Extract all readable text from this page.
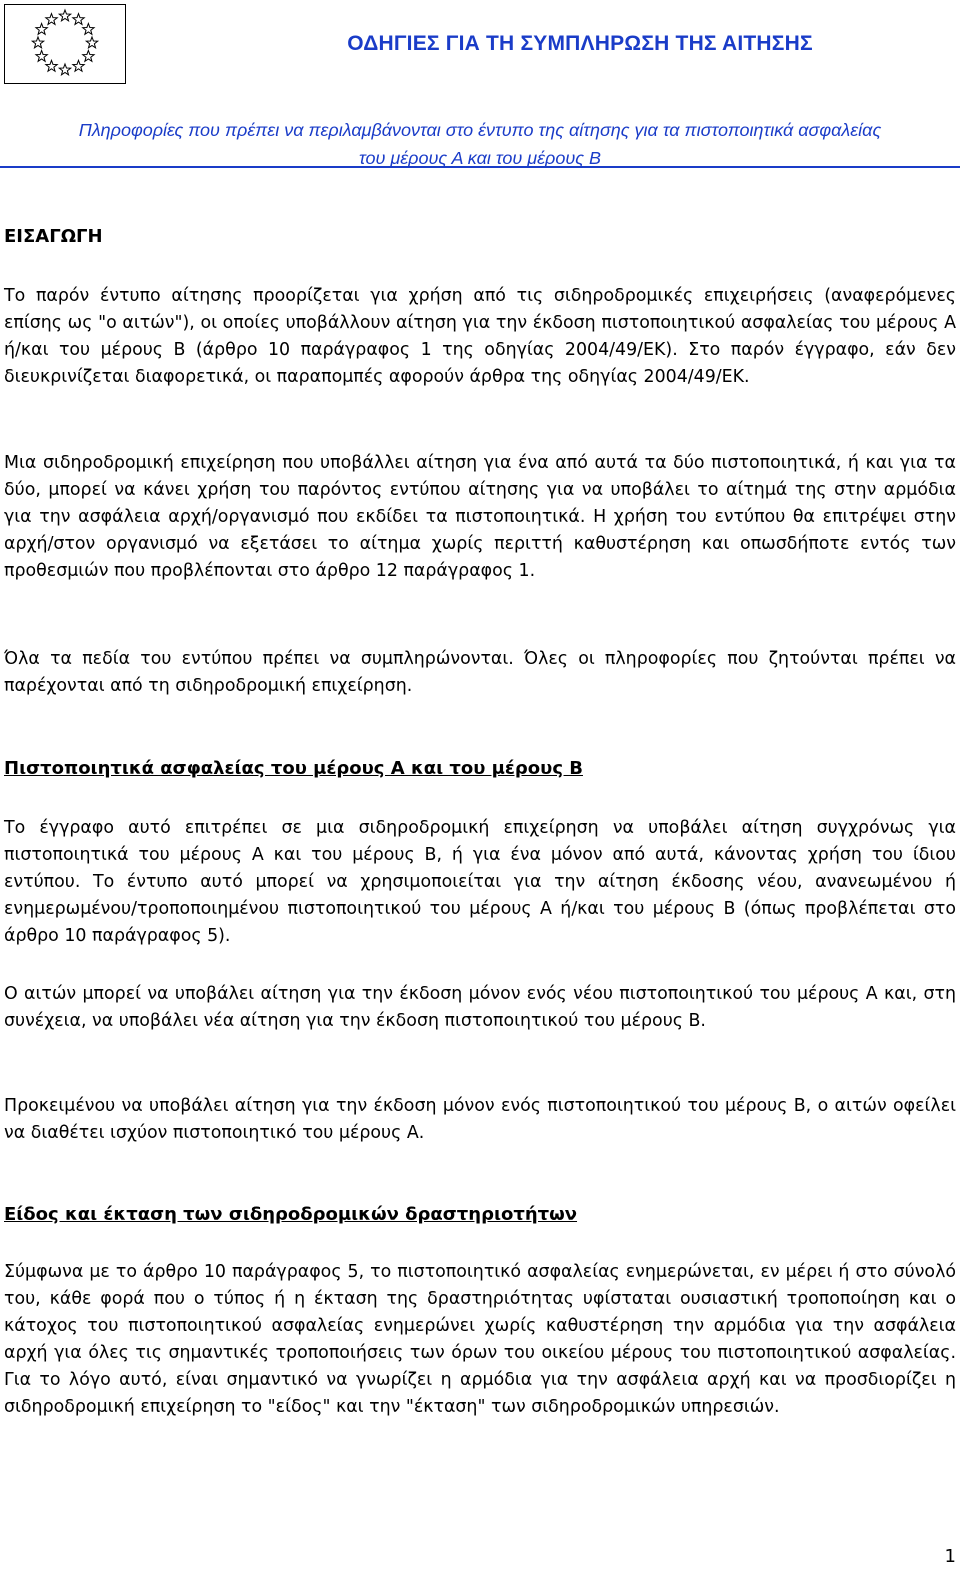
ΟΔΗΓΙΕΣ ΓΙΑ ΤΗ ΣΥΜΠΛΗΡΩΣΗ ΤΗΣ ΑΙΤΗΣΗΣ
Πληροφορίες που πρέπει να περιλαμβάνονται στο έντυπο της αίτησης για τα πιστοποιητικά ασφαλείας
του μέρους Α και του μέρους Β
ΕΙΣΑΓΩΓΗ

Το παρόν έντυπο αίτησης προορίζεται για χρήση από τις σιδηροδρομικές επιχειρήσεις (αναφερόμενες επίσης ως "ο αιτών"), οι οποίες υποβάλλουν αίτηση για την έκδοση πιστοποιητικού ασφαλείας του μέρους Α ή/και του μέρους Β (άρθρο 10 παράγραφος 1 της οδηγίας 2004/49/ΕΚ). Στο παρόν έγγραφο, εάν δεν διευκρινίζεται διαφορετικά, οι παραπομπές αφορούν άρθρα της οδηγίας 2004/49/ΕΚ.

Μια σιδηροδρομική επιχείρηση που υποβάλλει αίτηση για ένα από αυτά τα δύο πιστοποιητικά, ή και για τα δύο, μπορεί να κάνει χρήση του παρόντος εντύπου αίτησης για να υποβάλει το αίτημά της στην αρμόδια για την ασφάλεια αρχή/οργανισμό που εκδίδει τα πιστοποιητικά. Η χρήση του εντύπου θα επιτρέψει στην αρχή/στον οργανισμό να εξετάσει το αίτημα χωρίς περιττή καθυστέρηση και οπωσδήποτε εντός των προθεσμιών που προβλέπονται στο άρθρο 12 παράγραφος 1.

Όλα τα πεδία του εντύπου πρέπει να συμπληρώνονται. Όλες οι πληροφορίες που ζητούνται πρέπει να παρέχονται από τη σιδηροδρομική επιχείρηση.

Πιστοποιητικά ασφαλείας του μέρους Α και του μέρους Β

Το έγγραφο αυτό επιτρέπει σε μια σιδηροδρομική επιχείρηση να υποβάλει αίτηση συγχρόνως για πιστοποιητικά του μέρους Α και του μέρους Β, ή για ένα μόνον από αυτά, κάνοντας χρήση του ίδιου εντύπου. Το έντυπο αυτό μπορεί να χρησιμοποιείται για την αίτηση έκδοσης νέου, ανανεωμένου ή ενημερωμένου/τροποποιημένου πιστοποιητικού του μέρους Α ή/και του μέρους Β (όπως προβλέπεται στο άρθρο 10 παράγραφος 5).

Ο αιτών μπορεί να υποβάλει αίτηση για την έκδοση μόνον ενός νέου πιστοποιητικού του μέρους Α και, στη συνέχεια, να υποβάλει νέα αίτηση για την έκδοση πιστοποιητικού του μέρους Β.

Προκειμένου να υποβάλει αίτηση για την έκδοση μόνον ενός πιστοποιητικού του μέρους Β, ο αιτών οφείλει να διαθέτει ισχύον πιστοποιητικό του μέρους Α.

Είδος και έκταση των σιδηροδρομικών δραστηριοτήτων

Σύμφωνα με το άρθρο 10 παράγραφος 5, το πιστοποιητικό ασφαλείας ενημερώνεται, εν μέρει ή στο σύνολό του, κάθε φορά που ο τύπος ή η έκταση της δραστηριότητας υφίσταται ουσιαστική τροποποίηση και ο κάτοχος του πιστοποιητικού ασφαλείας ενημερώνει χωρίς καθυστέρηση την αρμόδια για την ασφάλεια αρχή για όλες τις σημαντικές τροποποιήσεις των όρων του οικείου μέρους του πιστοποιητικού ασφαλείας. Για το λόγο αυτό, είναι σημαντικό να γνωρίζει η αρμόδια για την ασφάλεια αρχή και να προσδιορίζει η σιδηροδρομική επιχείρηση το "είδος" και την "έκταση" των σιδηροδρομικών υπηρεσιών.

1
